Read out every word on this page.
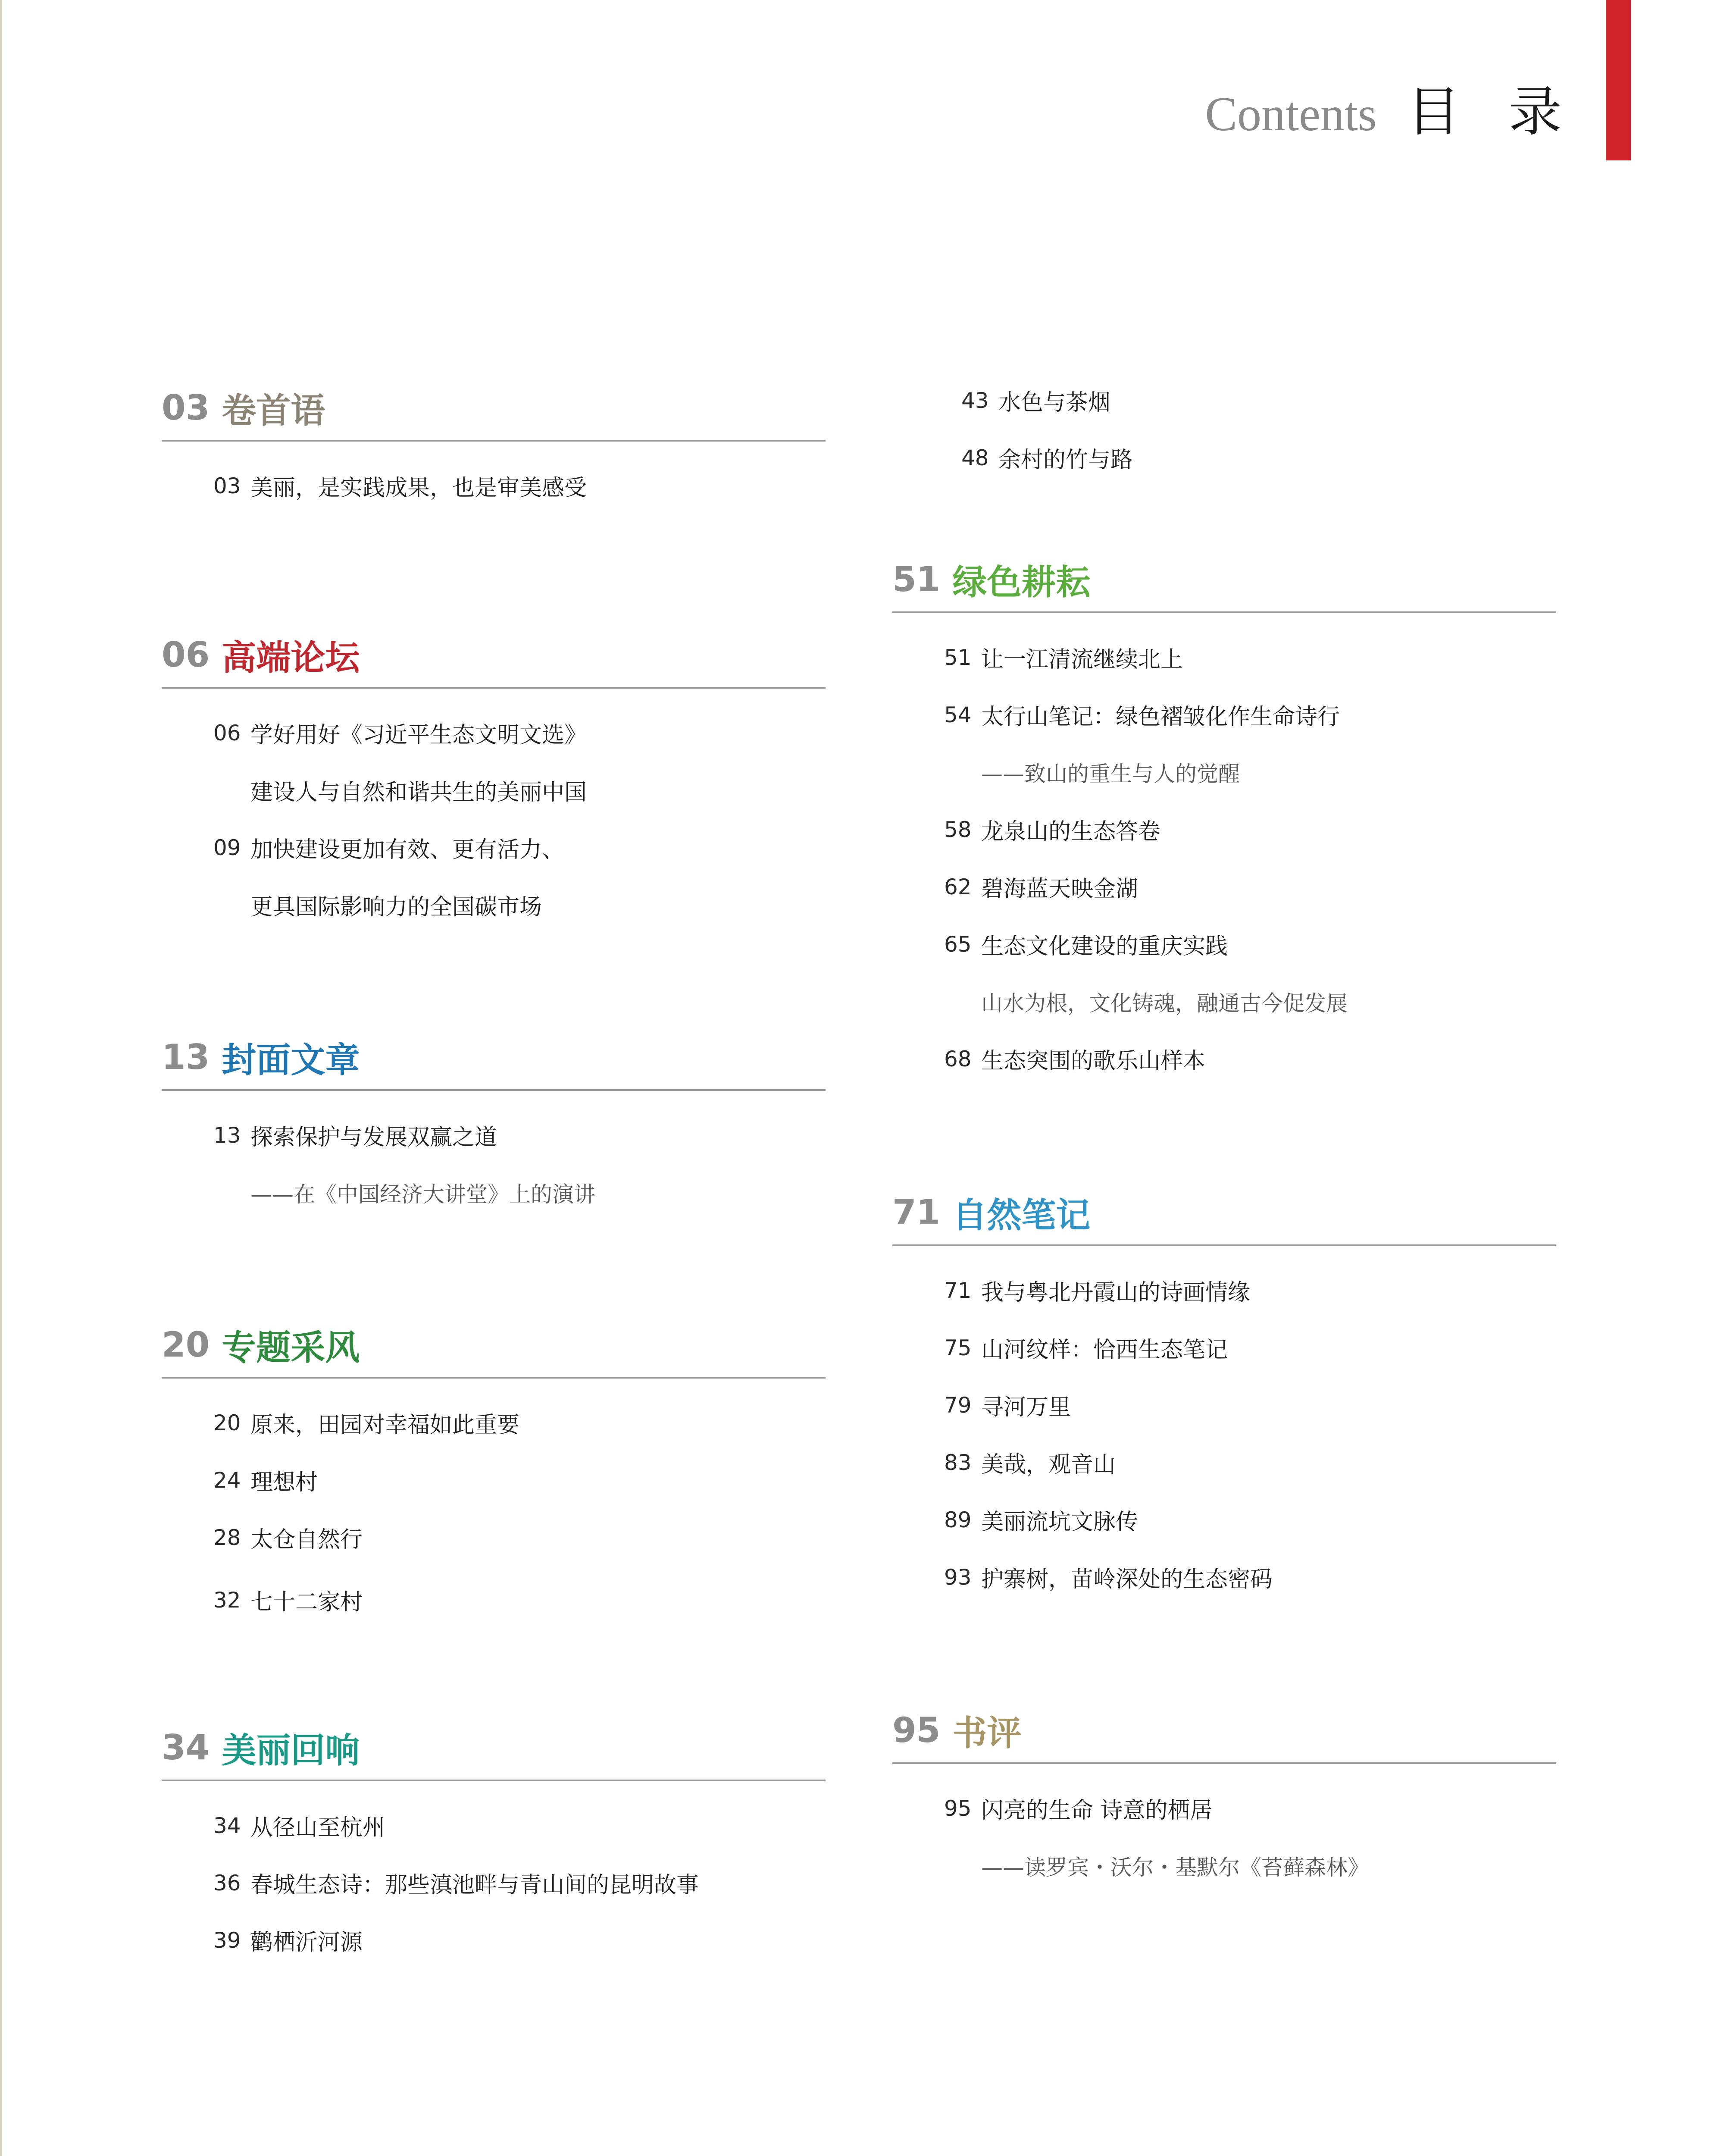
Contents 目 录
03 卷首语
03 美丽，是实践成果，也是审美感受
06 高端论坛
06 学好用好《习近平生态文明文选》
建设人与自然和谐共生的美丽中国
09 加快建设更加有效、更有活力、
更具国际影响力的全国碳市场
13 封面文章
13 探索保护与发展双赢之道
——在《中国经济大讲堂》上的演讲
20 专题采风
20 原来，田园对幸福如此重要
24 理想村
28 太仓自然行
32 七十二家村
34 美丽回响
34 从径山至杭州
36 春城生态诗：那些滇池畔与青山间的昆明故事
39 鹳栖沂河源
43 水色与茶烟
48 余村的竹与路
51 绿色耕耘
51 让一江清流继续北上
54 太行山笔记：绿色褶皱化作生命诗行
——致山的重生与人的觉醒
58 龙泉山的生态答卷
62 碧海蓝天映金湖
65 生态文化建设的重庆实践
山水为根，文化铸魂，融通古今促发展
68 生态突围的歌乐山样本
71 自然笔记
71 我与粤北丹霞山的诗画情缘
75 山河纹样：恰西生态笔记
79 寻河万里
83 美哉，观音山
89 美丽流坑文脉传
93 护寨树，苗岭深处的生态密码
95 书评
95 闪亮的生命 诗意的栖居
——读罗宾・沃尔・基默尔《苔藓森林》
